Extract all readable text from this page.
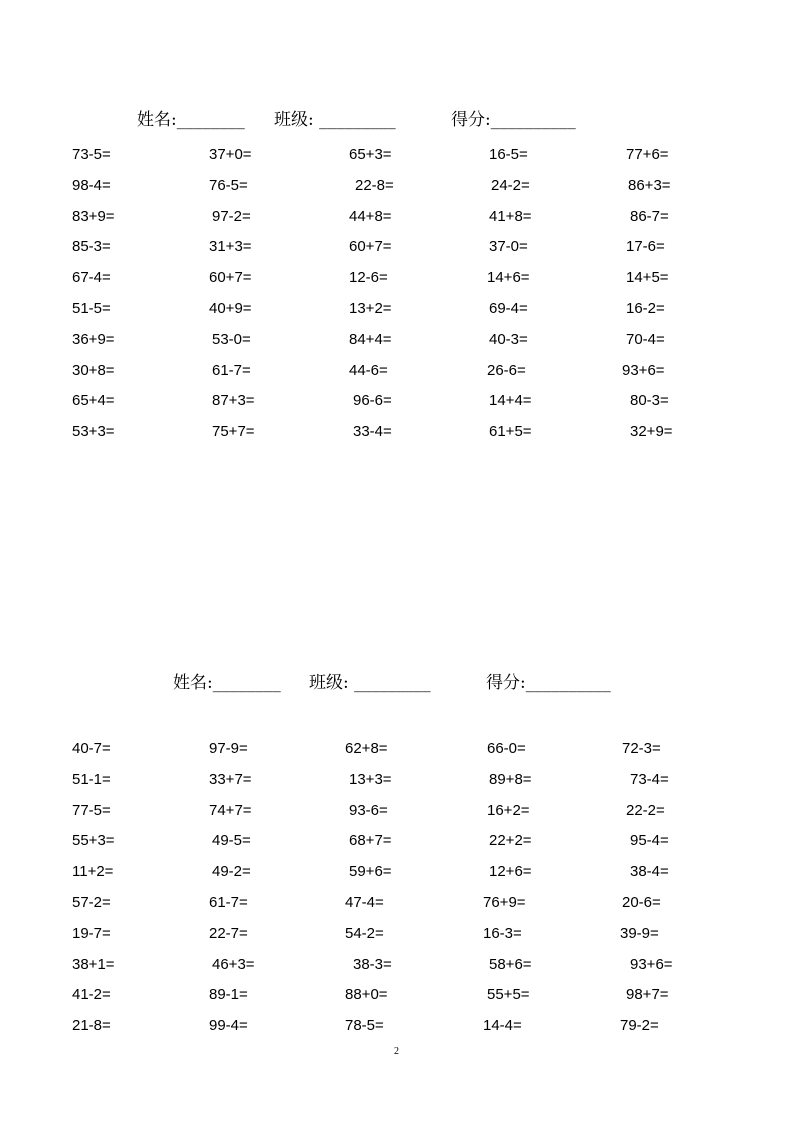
姓名:________ 班级: _________	得分:__________
73-5=	37+0=	65+3=	16-5=	77+6=
98-4=	76-5=	22-8=	24-2=	86+3=
83+9=	97-2=	44+8=	41+8=	86-7=
85-3=	31+3=	60+7=	37-0=	17-6=
67-4=	60+7=	12-6=	14+6=	14+5=
51-5=	40+9=	13+2=	69-4=	16-2=
36+9=	53-0=	84+4=	40-3=	70-4=
30+8=	61-7=	44-6=	26-6=	93+6=
65+4=	87+3=	96-6=	14+4=	80-3=
53+3=	75+7=	33-4=	61+5=	32+9=
姓名:________ 班级: _________	得分:__________
40-7=	97-9=	62+8=	66-0=	72-3=
51-1=	33+7=	13+3=	89+8=	73-4=
77-5=	74+7=	93-6=	16+2=	22-2=
55+3=	49-5=	68+7=	22+2=	95-4=
11+2=	49-2=	59+6=	12+6=	38-4=
57-2=	61-7=	47-4=	76+9=	20-6=
19-7=	22-7=	54-2=	16-3=	39-9=
38+1=	46+3=	38-3=	58+6=	93+6=
41-2=	89-1=	88+0=	55+5=	98+7=
21-8=	99-4=	78-5=	14-4=	79-2=
2
